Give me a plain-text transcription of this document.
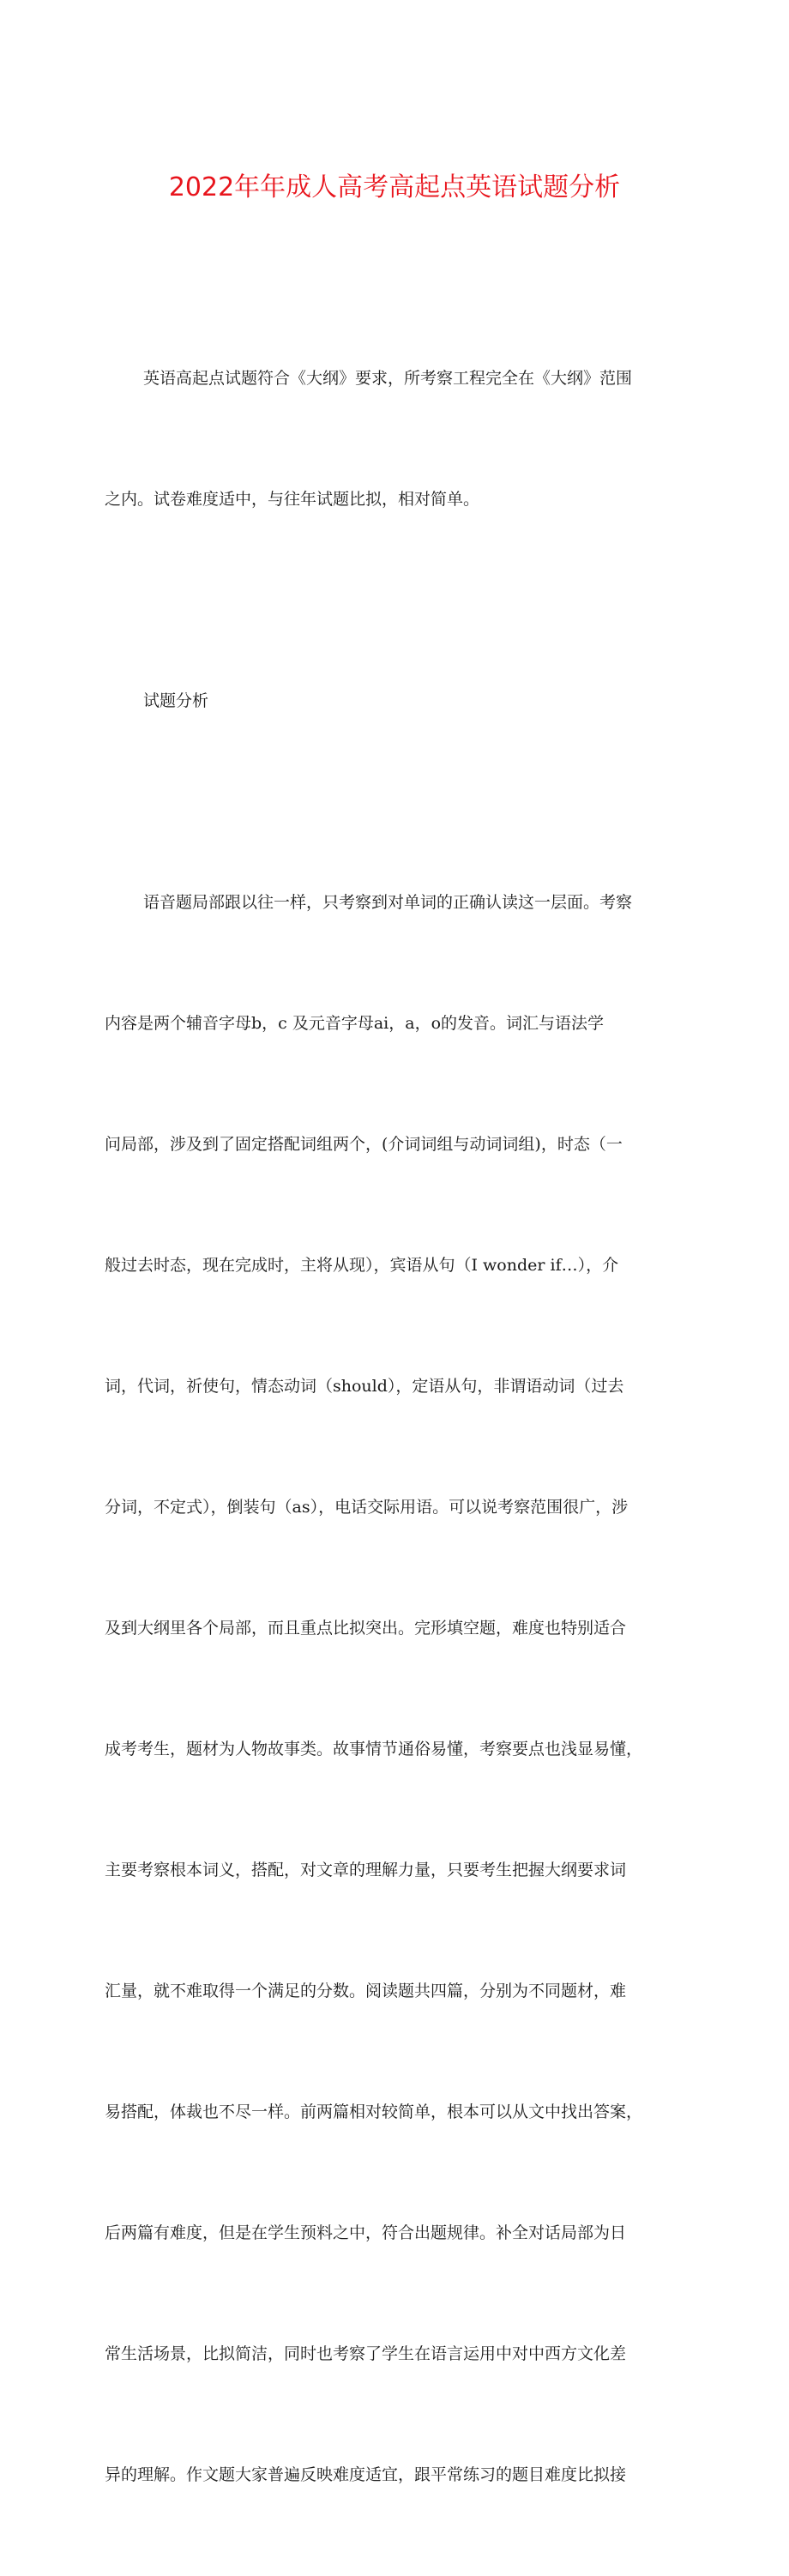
2022年年成人高考高起点英语试题分析

英语高起点试题符合《大纲》要求，所考察工程完全在《大纲》范围

之内。试卷难度适中，与往年试题比拟，相对简单。

试题分析

语音题局部跟以往一样，只考察到对单词的正确认读这一层面。考察

内容是两个辅音字母b，c 及元音字母ai，a，o的发音。词汇与语法学

问局部，涉及到了固定搭配词组两个，(介词词组与动词词组)，时态（一

般过去时态，现在完成时，主将从现），宾语从句（I wonder if…），介

词，代词，祈使句，情态动词（should），定语从句，非谓语动词（过去

分词，不定式），倒装句（as），电话交际用语。可以说考察范围很广，涉

及到大纲里各个局部，而且重点比拟突出。完形填空题，难度也特别适合

成考考生，题材为人物故事类。故事情节通俗易懂，考察要点也浅显易懂，

主要考察根本词义，搭配，对文章的理解力量，只要考生把握大纲要求词

汇量，就不难取得一个满足的分数。阅读题共四篇，分别为不同题材，难

易搭配，体裁也不尽一样。前两篇相对较简单，根本可以从文中找出答案，

后两篇有难度，但是在学生预料之中，符合出题规律。补全对话局部为日

常生活场景，比拟简洁，同时也考察了学生在语言运用中对中西方文化差

异的理解。作文题大家普遍反映难度适宜，跟平常练习的题目难度比拟接
